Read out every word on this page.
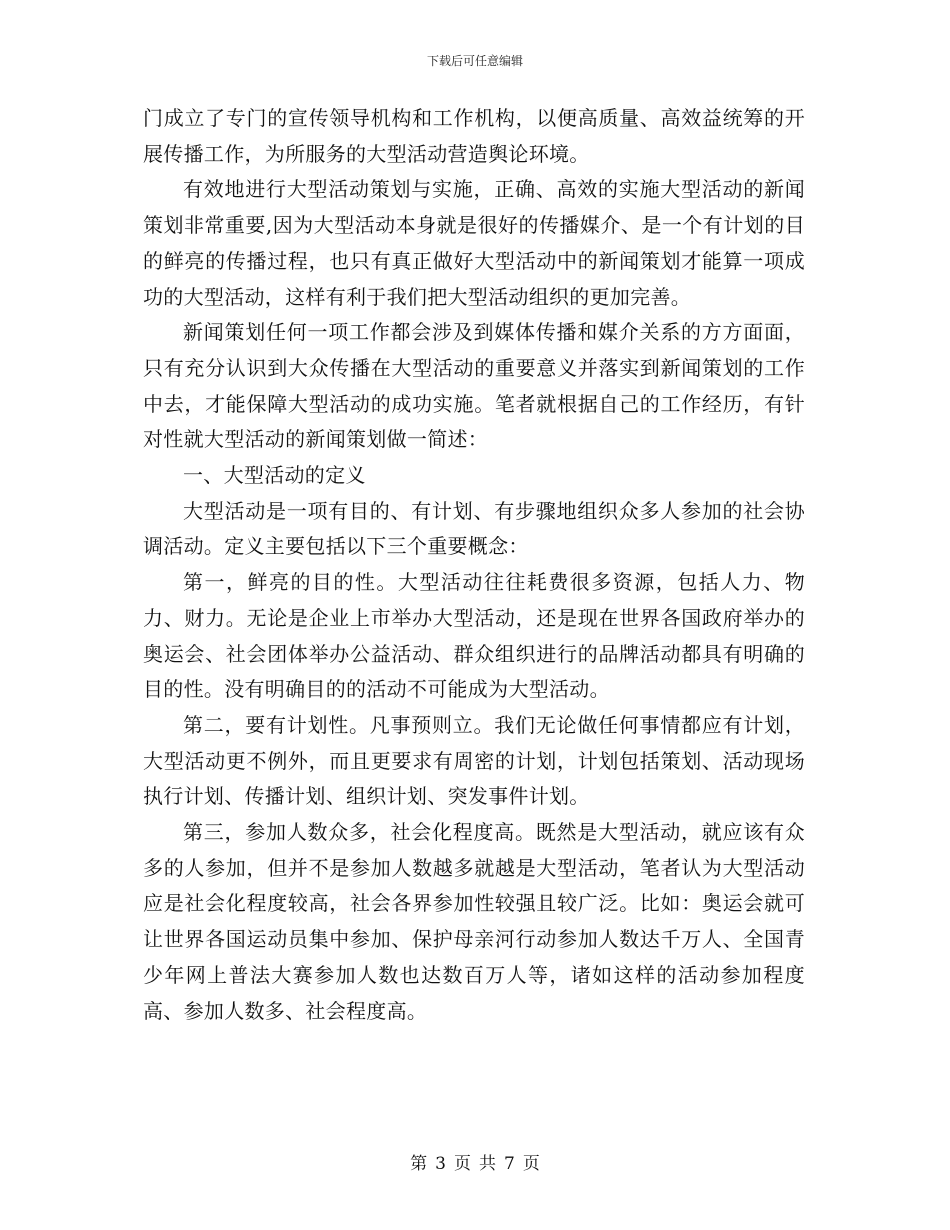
下载后可任意编辑

门成立了专门的宣传领导机构和工作机构，以便高质量、高效益统筹的开展传播工作，为所服务的大型活动营造舆论环境。

有效地进行大型活动策划与实施，正确、高效的实施大型活动的新闻策划非常重要,因为大型活动本身就是很好的传播媒介、是一个有计划的目的鲜亮的传播过程，也只有真正做好大型活动中的新闻策划才能算一项成功的大型活动，这样有利于我们把大型活动组织的更加完善。

新闻策划任何一项工作都会涉及到媒体传播和媒介关系的方方面面，只有充分认识到大众传播在大型活动的重要意义并落实到新闻策划的工作中去，才能保障大型活动的成功实施。笔者就根据自己的工作经历，有针对性就大型活动的新闻策划做一简述：

一、大型活动的定义

大型活动是一项有目的、有计划、有步骤地组织众多人参加的社会协调活动。定义主要包括以下三个重要概念：

第一，鲜亮的目的性。大型活动往往耗费很多资源，包括人力、物力、财力。无论是企业上市举办大型活动，还是现在世界各国政府举办的奥运会、社会团体举办公益活动、群众组织进行的品牌活动都具有明确的目的性。没有明确目的的活动不可能成为大型活动。

第二，要有计划性。凡事预则立。我们无论做任何事情都应有计划，大型活动更不例外，而且更要求有周密的计划，计划包括策划、活动现场执行计划、传播计划、组织计划、突发事件计划。

第三，参加人数众多，社会化程度高。既然是大型活动，就应该有众多的人参加，但并不是参加人数越多就越是大型活动，笔者认为大型活动应是社会化程度较高，社会各界参加性较强且较广泛。比如：奥运会就可让世界各国运动员集中参加、保护母亲河行动参加人数达千万人、全国青少年网上普法大赛参加人数也达数百万人等，诸如这样的活动参加程度高、参加人数多、社会程度高。

第 3 页 共 7 页
